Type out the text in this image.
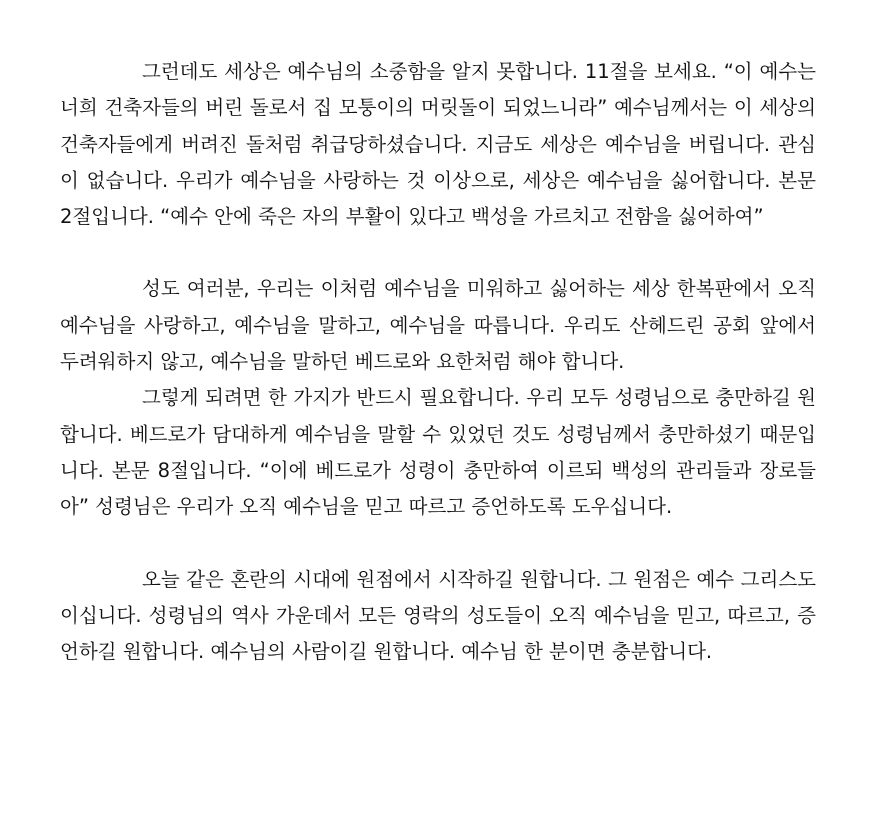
그런데도 세상은 예수님의 소중함을 알지 못합니다. 11절을 보세요. “이 예수는 너희 건축자들의 버린 돌로서 집 모퉁이의 머릿돌이 되었느니라” 예수님께서는 이 세상의 건축자들에게 버려진 돌처럼 취급당하셨습니다. 지금도 세상은 예수님을 버립니다. 관심이 없습니다. 우리가 예수님을 사랑하는 것 이상으로, 세상은 예수님을 싫어합니다. 본문 2절입니다. “예수 안에 죽은 자의 부활이 있다고 백성을 가르치고 전함을 싫어하여”

성도 여러분, 우리는 이처럼 예수님을 미워하고 싫어하는 세상 한복판에서 오직 예수님을 사랑하고, 예수님을 말하고, 예수님을 따릅니다. 우리도 산헤드린 공회 앞에서 두려워하지 않고, 예수님을 말하던 베드로와 요한처럼 해야 합니다.

그렇게 되려면 한 가지가 반드시 필요합니다. 우리 모두 성령님으로 충만하길 원합니다. 베드로가 담대하게 예수님을 말할 수 있었던 것도 성령님께서 충만하셨기 때문입니다. 본문 8절입니다. “이에 베드로가 성령이 충만하여 이르되 백성의 관리들과 장로들아” 성령님은 우리가 오직 예수님을 믿고 따르고 증언하도록 도우십니다.

오늘 같은 혼란의 시대에 원점에서 시작하길 원합니다. 그 원점은 예수 그리스도이십니다. 성령님의 역사 가운데서 모든 영락의 성도들이 오직 예수님을 믿고, 따르고, 증언하길 원합니다. 예수님의 사람이길 원합니다. 예수님 한 분이면 충분합니다.
